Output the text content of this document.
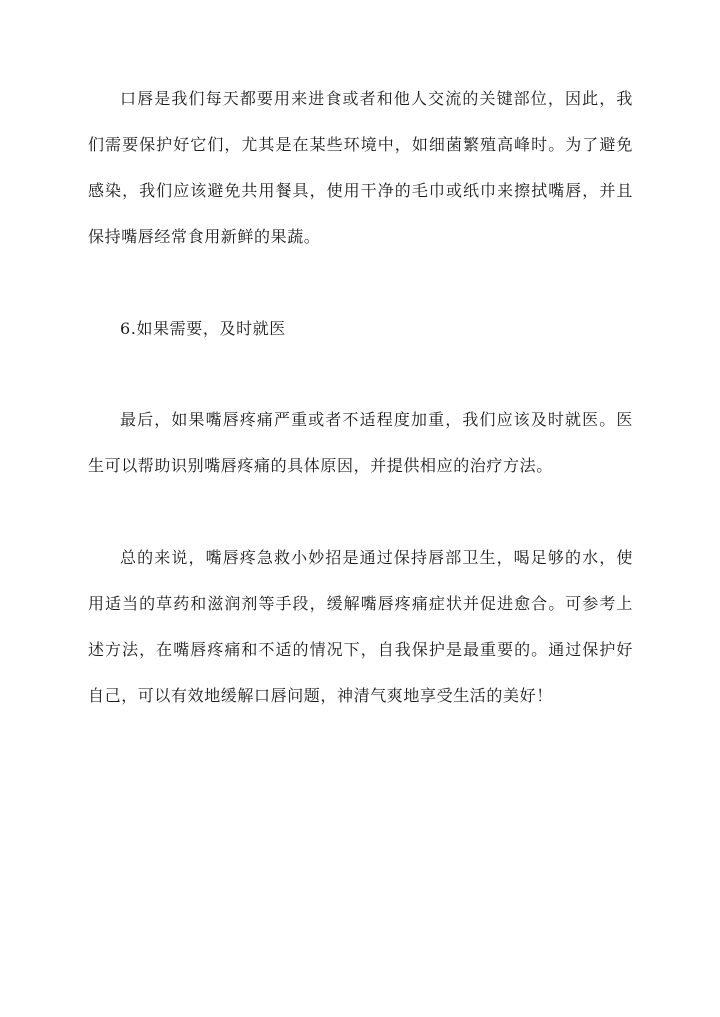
口唇是我们每天都要用来进食或者和他人交流的关键部位，因此，我们需要保护好它们，尤其是在某些环境中，如细菌繁殖高峰时。为了避免感染，我们应该避免共用餐具，使用干净的毛巾或纸巾来擦拭嘴唇，并且保持嘴唇经常食用新鲜的果蔬。

6.如果需要，及时就医

最后，如果嘴唇疼痛严重或者不适程度加重，我们应该及时就医。医生可以帮助识别嘴唇疼痛的具体原因，并提供相应的治疗方法。

总的来说，嘴唇疼急救小妙招是通过保持唇部卫生，喝足够的水，使用适当的草药和滋润剂等手段，缓解嘴唇疼痛症状并促进愈合。可参考上述方法，在嘴唇疼痛和不适的情况下，自我保护是最重要的。通过保护好自己，可以有效地缓解口唇问题，神清气爽地享受生活的美好！
